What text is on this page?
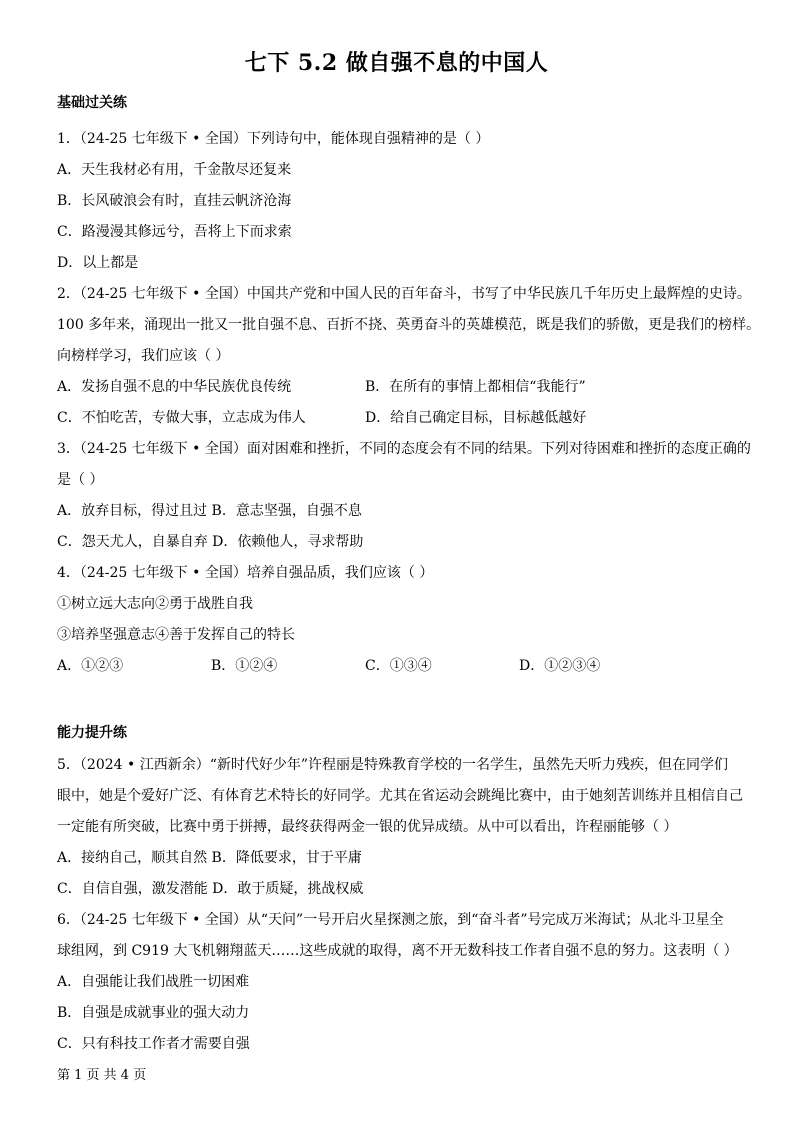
七下 5.2 做自强不息的中国人
基础过关练
1．（24-25 七年级下 • 全国）下列诗句中，能体现自强精神的是（ ）
A．天生我材必有用，千金散尽还复来
B．长风破浪会有时，直挂云帆济沧海
C．路漫漫其修远兮，吾将上下而求索
D．以上都是
2．（24-25 七年级下 • 全国）中国共产党和中国人民的百年奋斗，书写了中华民族几千年历史上最辉煌的史诗。
100 多年来，涌现出一批又一批自强不息、百折不挠、英勇奋斗的英雄模范，既是我们的骄傲，更是我们的榜样。
向榜样学习，我们应该（ ）
A．发扬自强不息的中华民族优良传统	B．在所有的事情上都相信“我能行”
C．不怕吃苦，专做大事，立志成为伟人	D．给自己确定目标，目标越低越好
3．（24-25 七年级下 • 全国）面对困难和挫折，不同的态度会有不同的结果。下列对待困难和挫折的态度正确的
是（ ）
A．放弃目标，得过且过 B．意志坚强，自强不息
C．怨天尤人，自暴自弃 D．依赖他人，寻求帮助
4．（24-25 七年级下 • 全国）培养自强品质，我们应该（ ）
①树立远大志向②勇于战胜自我
③培养坚强意志④善于发挥自己的特长
A．①②③	B．①②④	C．①③④	D．①②③④
能力提升练
5．（2024 • 江西新余）“新时代好少年”许程丽是特殊教育学校的一名学生，虽然先天听力残疾，但在同学们
眼中，她是个爱好广泛、有体育艺术特长的好同学。尤其在省运动会跳绳比赛中，由于她刻苦训练并且相信自己
一定能有所突破，比赛中勇于拼搏，最终获得两金一银的优异成绩。从中可以看出，许程丽能够（ ）
A．接纳自己，顺其自然 B．降低要求，甘于平庸
C．自信自强，激发潜能 D．敢于质疑，挑战权威
6．（24-25 七年级下 • 全国）从“天问”一号开启火星探测之旅，到“奋斗者”号完成万米海试；从北斗卫星全
球组网，到 C919 大飞机翱翔蓝天……这些成就的取得，离不开无数科技工作者自强不息的努力。这表明（ ）
A．自强能让我们战胜一切困难
B．自强是成就事业的强大动力
C．只有科技工作者才需要自强
第 1 页 共 4 页
